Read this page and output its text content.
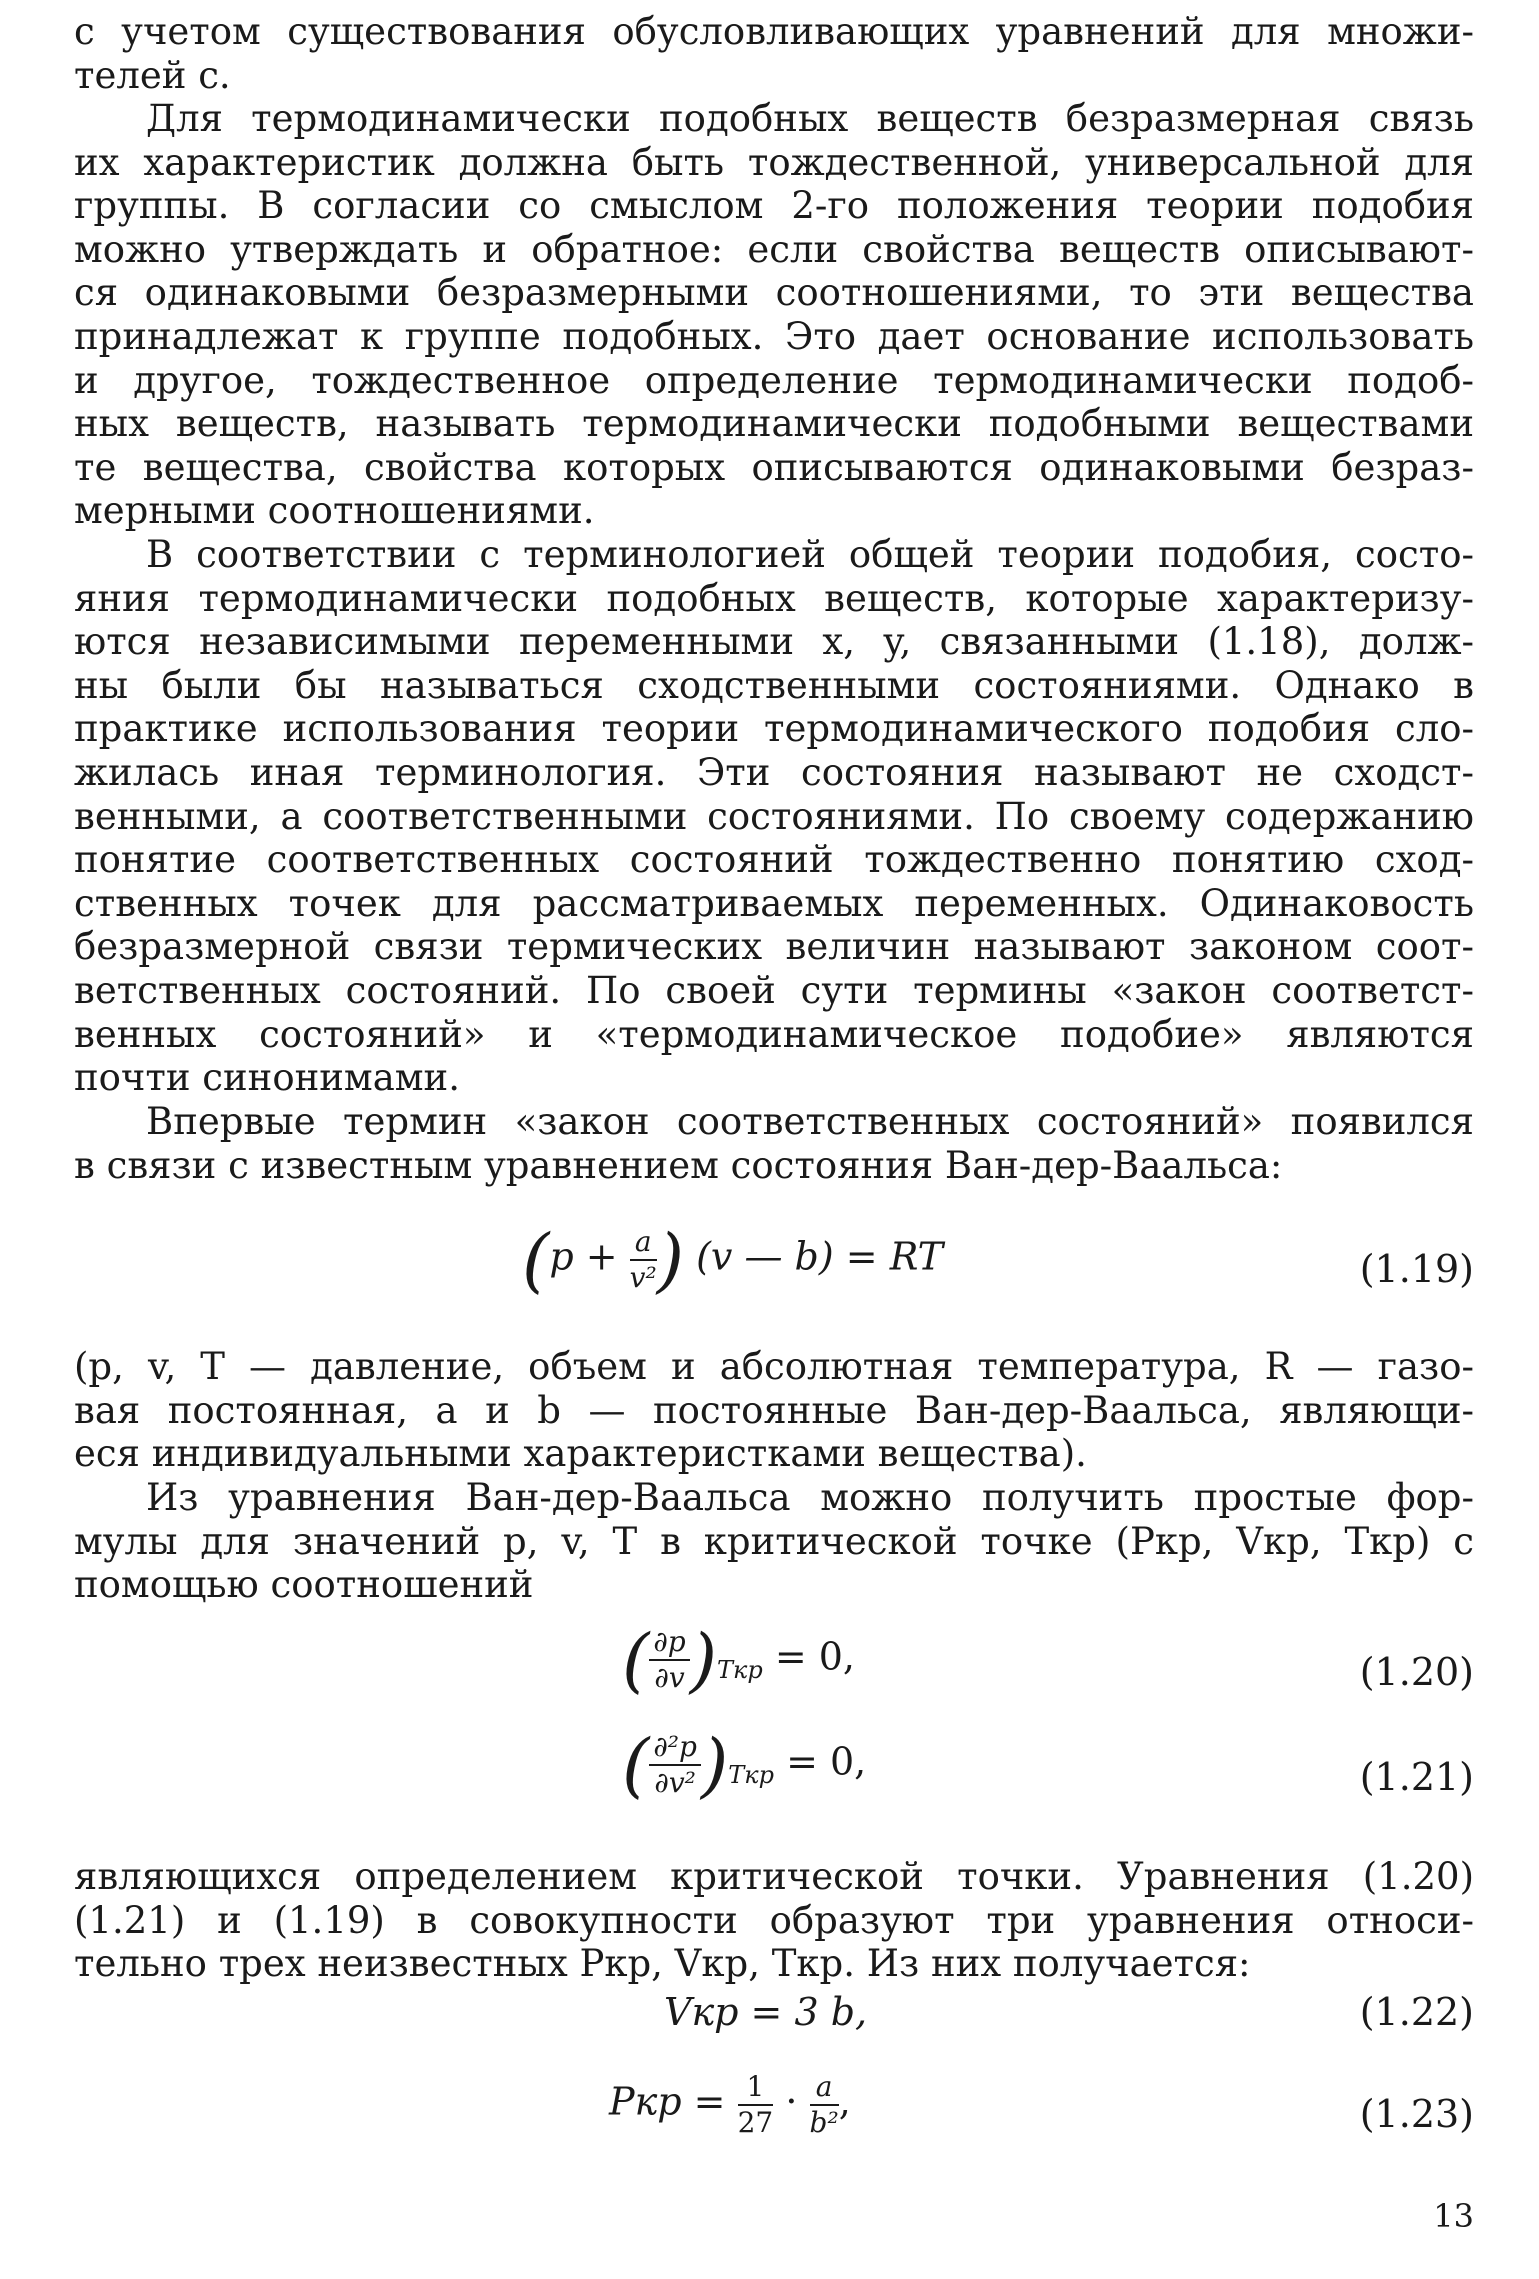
с учетом существования обусловливающих уравнений для множи-
телей с.
Для термодинамически подобных веществ безразмерная связь
их характеристик должна быть тождественной, универсальной для
группы. В согласии со смыслом 2-го положения теории подобия
можно утверждать и обратное: если свойства веществ описывают-
ся одинаковыми безразмерными соотношениями, то эти вещества
принадлежат к группе подобных. Это дает основание использовать
и другое, тождественное определение термодинамически подоб-
ных веществ, называть термодинамически подобными веществами
те вещества, свойства которых описываются одинаковыми безраз-
мерными соотношениями.
В соответствии с терминологией общей теории подобия, состо-
яния термодинамически подобных веществ, которые характеризу-
ются независимыми переменными x, y, связанными (1.18), долж-
ны были бы называться сходственными состояниями. Однако в
практике использования теории термодинамического подобия сло-
жилась иная терминология. Эти состояния называют не сходст-
венными, а соответственными состояниями. По своему содержанию
понятие соответственных состояний тождественно понятию сход-
ственных точек для рассматриваемых переменных. Одинаковость
безразмерной связи термических величин называют законом соот-
ветственных состояний. По своей сути термины «закон соответст-
венных состояний» и «термодинамическое подобие» являются
почти синонимами.
Впервые термин «закон соответственных состояний» появился
в связи с известным уравнением состояния Ван-дер-Ваальса:
($p + \frac{a}{\text{v²}}$ ) (v — b) = RT	(1.19)
(p, v, T — давление, объем и абсолютная температура, R — газо-
вая постоянная, a и b — постоянные Ван-дер-Ваальса, являющи-
еся индивидуальными характеристками вещества).
Из уравнения Ван-дер-Ваальса можно получить простые фор-
мулы для значений p, v, T в критической точке (Pкр, Vкр, Tкр) с
помощью соотношений
( $\frac{\partial p}{\partial v} )_{Tкр} = 0$,	(1.20)
( $\frac{\text{∂²p}}{\text{∂v²}} )_{Tкр} = 0$,	(1.21)
являющихся определением критической точки. Уравнения (1.20)
(1.21) и (1.19) в совокупности образуют три уравнения относи-
тельно трех неизвестных Pкр, Vкр, Tкр. Из них получается:
Vкр = 3 b,	(1.22)
Pкр = $\frac{1}{27} \cdot \frac{a}{\text{b²}}$ ,	(1.23)
13
